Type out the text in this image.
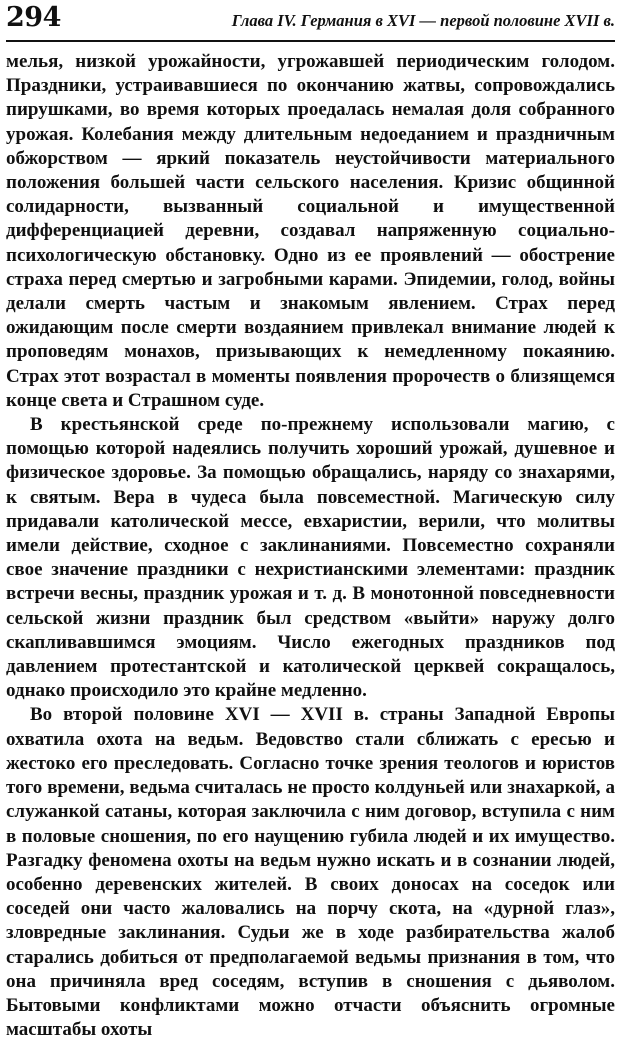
294	Глава IV. Германия в XVI — первой половине XVII в.

мелья, низкой урожайности, угрожавшей периодическим голодом. Праздники, устраивавшиеся по окончанию жатвы, сопровождались пирушками, во время которых проедалась немалая доля собранного урожая. Колебания между длительным недоеданием и праздничным обжорством — яркий показатель неустойчивости материального положения большей части сельского населения. Кризис общинной солидарности, вызванный социальной и имущественной дифференциацией деревни, создавал напряженную социально-психологическую обстановку. Одно из ее проявлений — обострение страха перед смертью и загробными карами. Эпидемии, голод, войны делали смерть частым и знакомым явлением. Страх перед ожидающим после смерти воздаянием привлекал внимание людей к проповедям монахов, призывающих к немедленному покаянию. Страх этот возрастал в моменты появления пророчеств о близящемся конце света и Страшном суде.

В крестьянской среде по-прежнему использовали магию, с помощью которой надеялись получить хороший урожай, душевное и физическое здоровье. За помощью обращались, наряду со знахарями, к святым. Вера в чудеса была повсеместной. Магическую силу придавали католической мессе, евхаристии, верили, что молитвы имели действие, сходное с заклинаниями. Повсеместно сохраняли свое значение праздники с нехристианскими элементами: праздник встречи весны, праздник урожая и т. д. В монотонной повседневности сельской жизни праздник был средством «выйти» наружу долго скапливавшимся эмоциям. Число ежегодных праздников под давлением протестантской и католической церквей сокращалось, однако происходило это крайне медленно.

Во второй половине XVI — XVII в. страны Западной Европы охватила охота на ведьм. Ведовство стали сближать с ересью и жестоко его преследовать. Согласно точке зрения теологов и юристов того времени, ведьма считалась не просто колдуньей или знахаркой, а служанкой сатаны, которая заключила с ним договор, вступила с ним в половые сношения, по его наущению губила людей и их имущество. Разгадку феномена охоты на ведьм нужно искать и в сознании людей, особенно деревенских жителей. В своих доносах на соседок или соседей они часто жаловались на порчу скота, на «дурной глаз», зловредные заклинания. Судьи же в ходе разбирательства жалоб старались добиться от предполагаемой ведьмы признания в том, что она причиняла вред соседям, вступив в сношения с дьяволом. Бытовыми конфликтами можно отчасти объяснить огромные масштабы охоты
